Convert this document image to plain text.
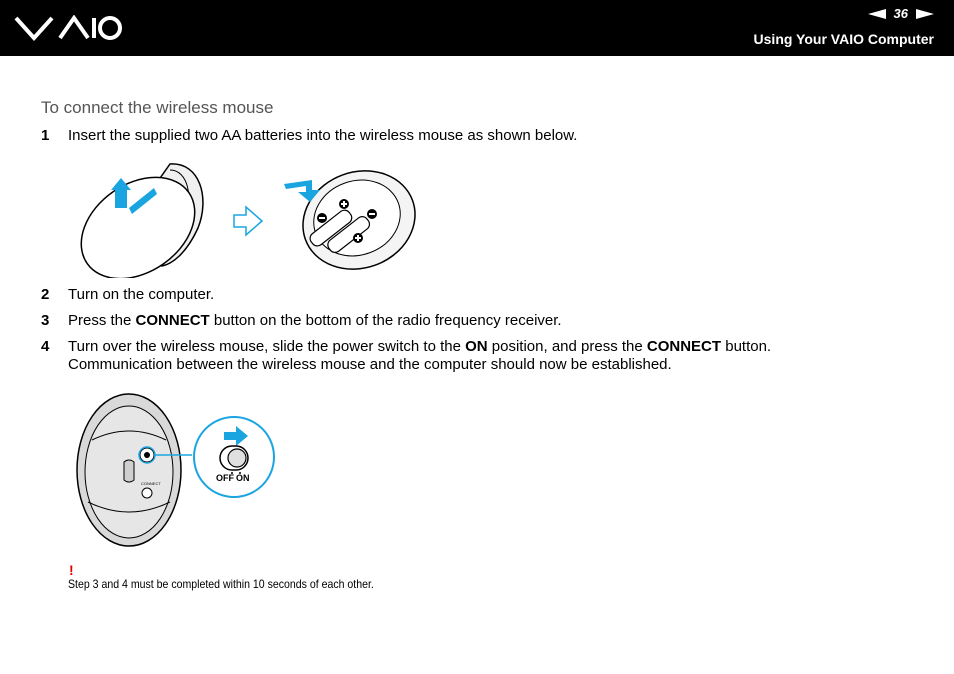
36
Using Your VAIO Computer
To connect the wireless mouse
1 Insert the supplied two AA batteries into the wireless mouse as shown below.
2 Turn on the computer.
3 Press the CONNECT button on the bottom of the radio frequency receiver.
4 Turn over the wireless mouse, slide the power switch to the ON position, and press the CONNECT button.
Communication between the wireless mouse and the computer should now be established.
CONNECT
OFF ON
!
Step 3 and 4 must be completed within 10 seconds of each other.
